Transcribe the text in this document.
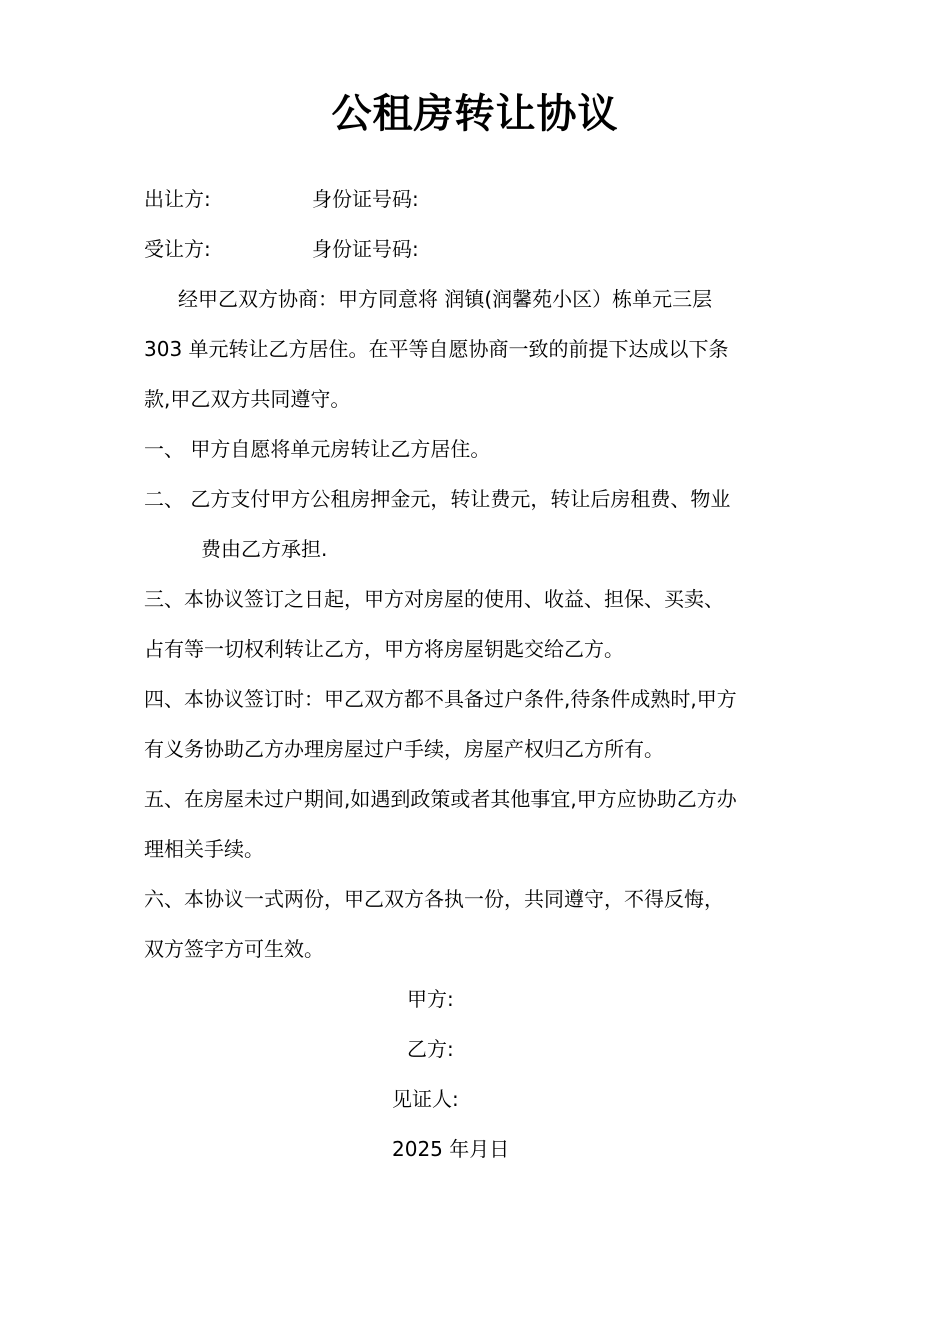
公租房转让协议
出让方:	身份证号码:
受让方:	身份证号码:
经甲乙双方协商：甲方同意将 润镇(润馨苑小区）栋单元三层
303 单元转让乙方居住。在平等自愿协商一致的前提下达成以下条
款,甲乙双方共同遵守。
一、 甲方自愿将单元房转让乙方居住。
二、 乙方支付甲方公租房押金元，转让费元，转让后房租费、物业
费由乙方承担.
三、本协议签订之日起，甲方对房屋的使用、收益、担保、买卖、
占有等一切权利转让乙方，甲方将房屋钥匙交给乙方。
四、本协议签订时：甲乙双方都不具备过户条件,待条件成熟时,甲方
有义务协助乙方办理房屋过户手续，房屋产权归乙方所有。
五、在房屋未过户期间,如遇到政策或者其他事宜,甲方应协助乙方办
理相关手续。
六、本协议一式两份，甲乙双方各执一份，共同遵守，不得反悔，
双方签字方可生效。
甲方:
乙方:
见证人:
2025 年月日
